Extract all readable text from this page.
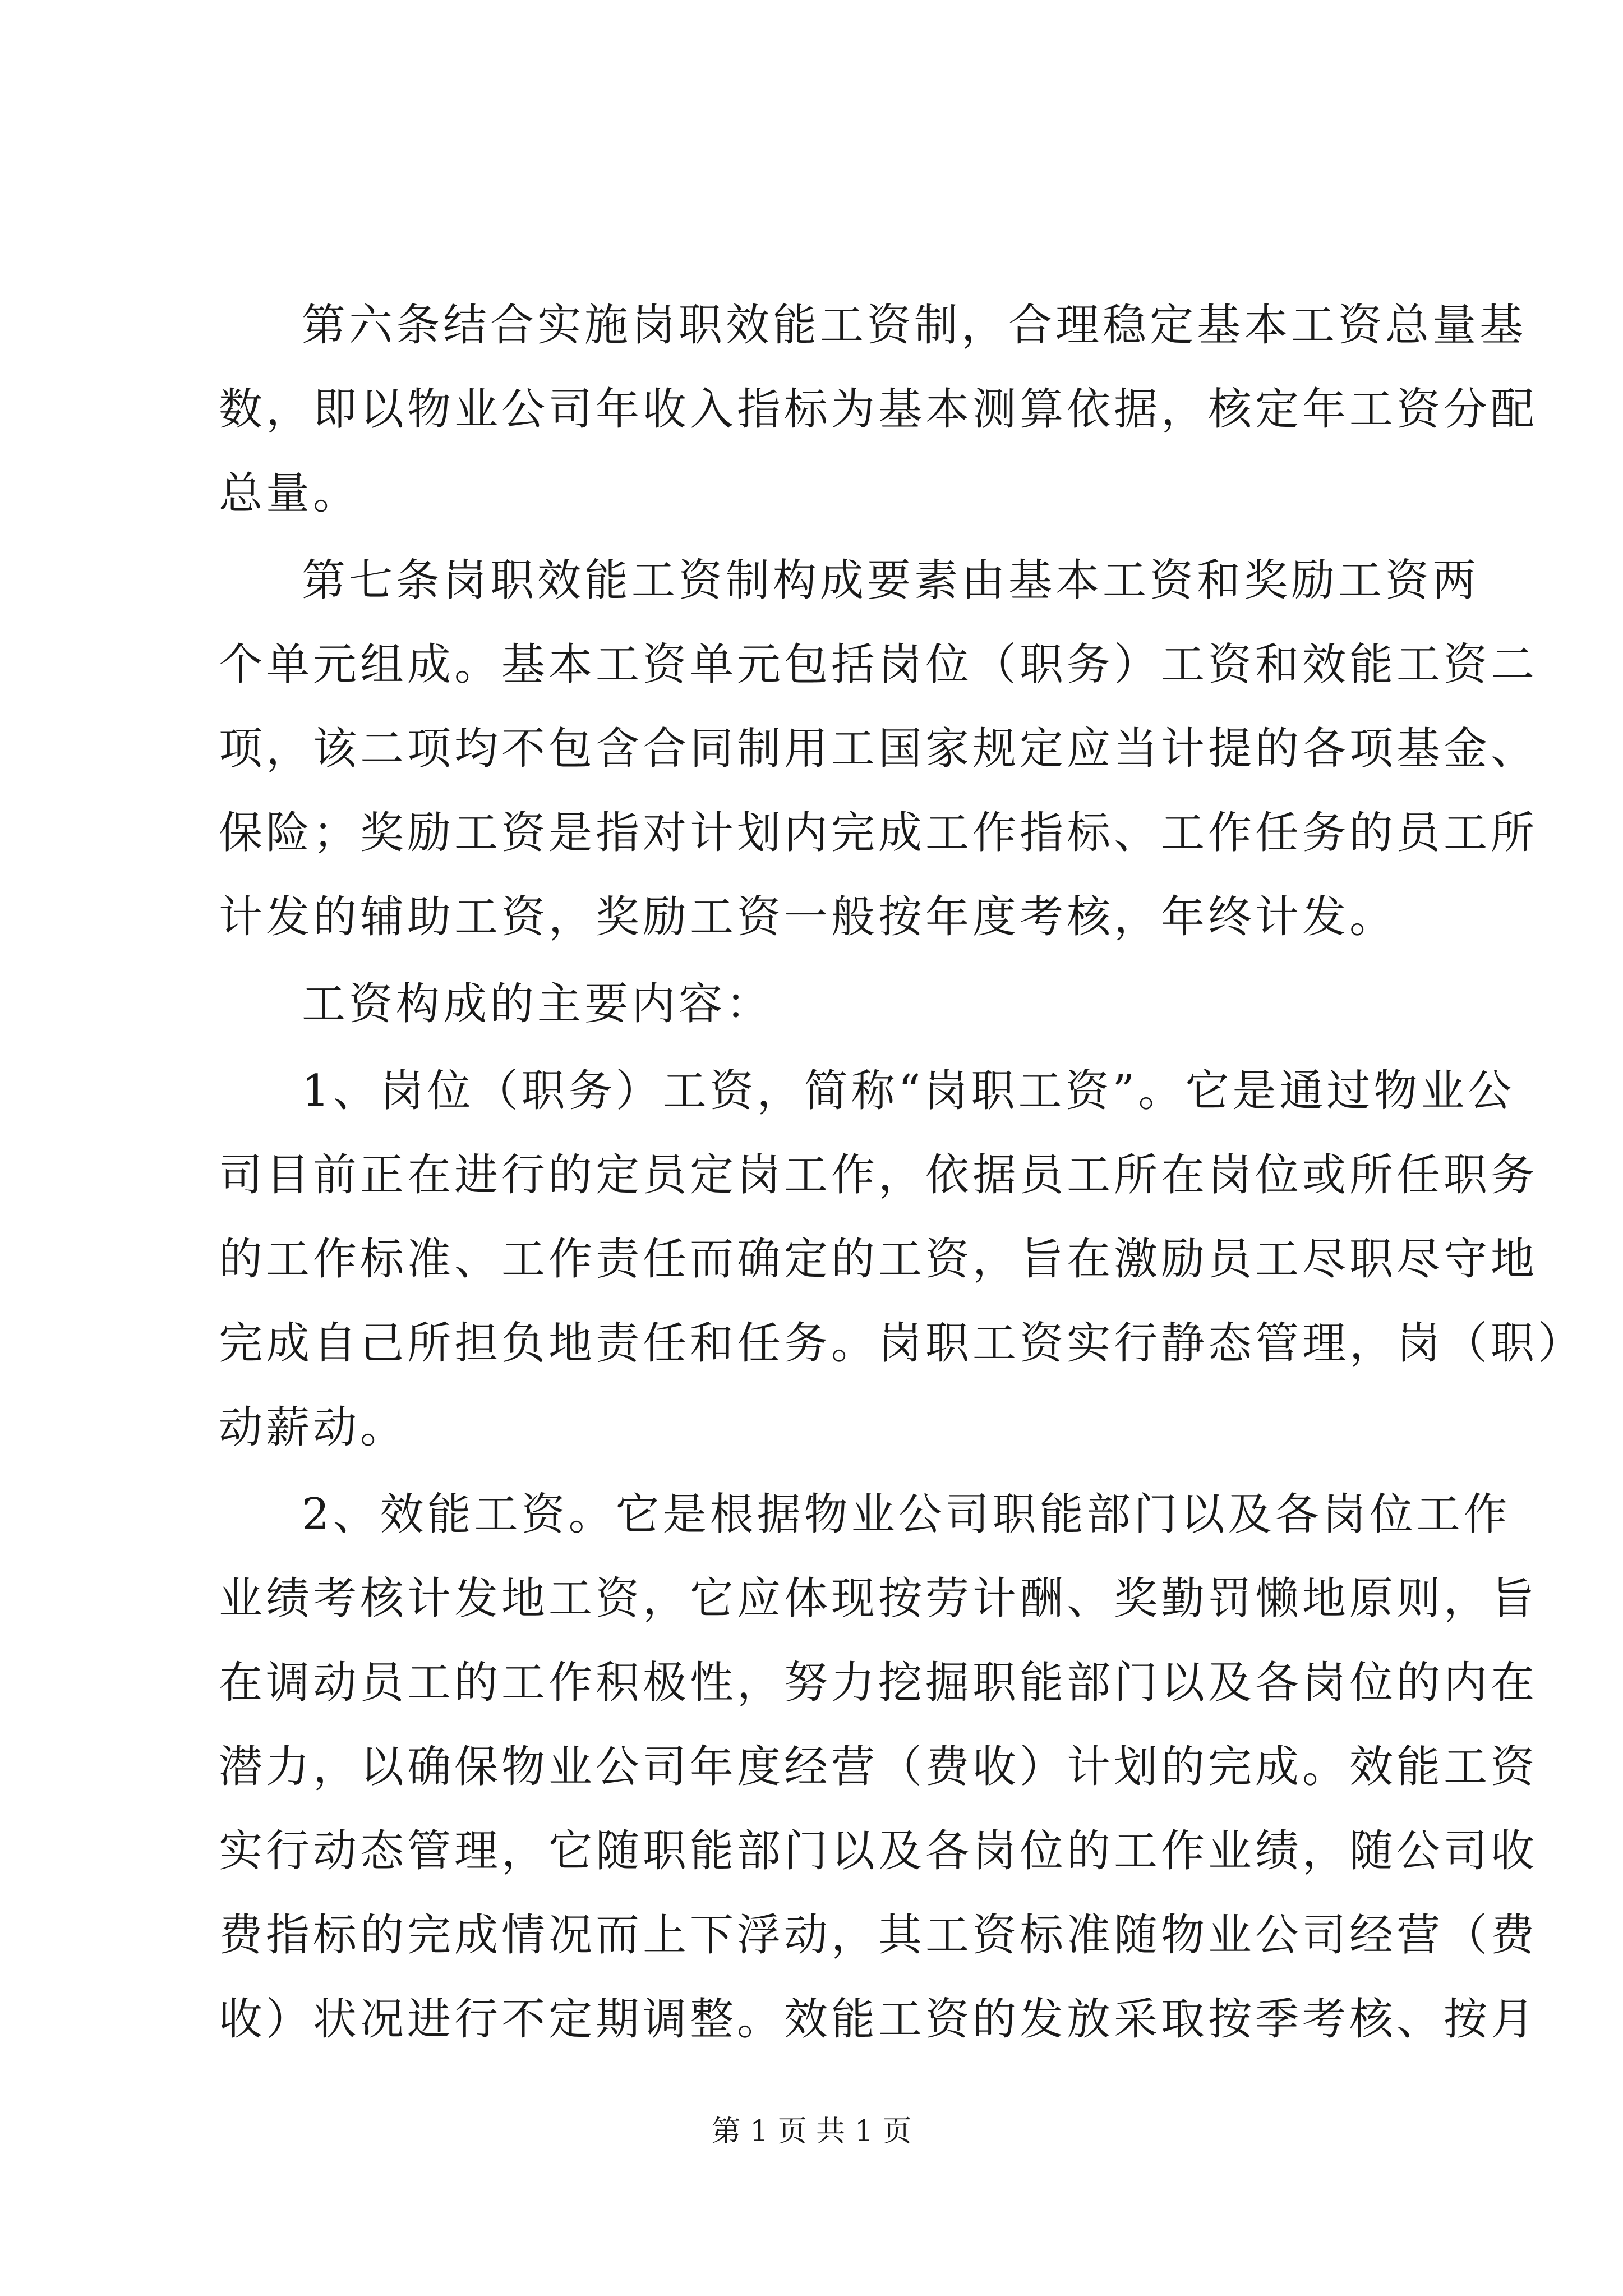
第六条结合实施岗职效能工资制，合理稳定基本工资总量基
数，即以物业公司年收入指标为基本测算依据，核定年工资分配
总量。
第七条岗职效能工资制构成要素由基本工资和奖励工资两
个单元组成。基本工资单元包括岗位（职务）工资和效能工资二
项，该二项均不包含合同制用工国家规定应当计提的各项基金、
保险；奖励工资是指对计划内完成工作指标、工作任务的员工所
计发的辅助工资，奖励工资一般按年度考核，年终计发。
工资构成的主要内容：
1、岗位（职务）工资，简称“岗职工资”。它是通过物业公
司目前正在进行的定员定岗工作，依据员工所在岗位或所任职务
的工作标准、工作责任而确定的工资，旨在激励员工尽职尽守地
完成自己所担负地责任和任务。岗职工资实行静态管理，岗（职）
动薪动。
2、效能工资。它是根据物业公司职能部门以及各岗位工作
业绩考核计发地工资，它应体现按劳计酬、奖勤罚懒地原则，旨
在调动员工的工作积极性，努力挖掘职能部门以及各岗位的内在
潜力，以确保物业公司年度经营（费收）计划的完成。效能工资
实行动态管理，它随职能部门以及各岗位的工作业绩，随公司收
费指标的完成情况而上下浮动，其工资标准随物业公司经营（费
收）状况进行不定期调整。效能工资的发放采取按季考核、按月
第 1 页 共 1 页
